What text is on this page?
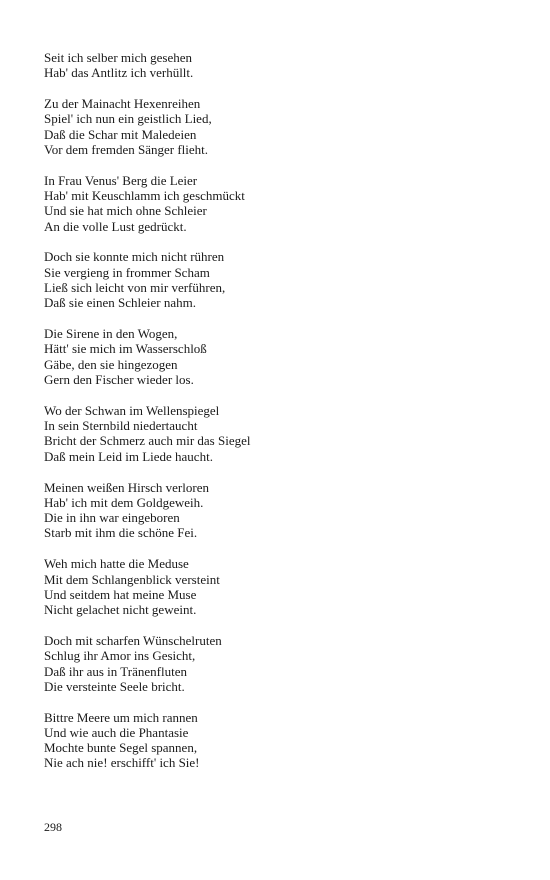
Seit ich selber mich gesehen
Hab' das Antlitz ich verhüllt.
Zu der Mainacht Hexenreihen
Spiel' ich nun ein geistlich Lied,
Daß die Schar mit Maledeien
Vor dem fremden Sänger flieht.
In Frau Venus' Berg die Leier
Hab' mit Keuschlamm ich geschmückt
Und sie hat mich ohne Schleier
An die volle Lust gedrückt.
Doch sie konnte mich nicht rühren
Sie vergieng in frommer Scham
Ließ sich leicht von mir verführen,
Daß sie einen Schleier nahm.
Die Sirene in den Wogen,
Hätt' sie mich im Wasserschloß
Gäbe, den sie hingezogen
Gern den Fischer wieder los.
Wo der Schwan im Wellenspiegel
In sein Sternbild niedertaucht
Bricht der Schmerz auch mir das Siegel
Daß mein Leid im Liede haucht.
Meinen weißen Hirsch verloren
Hab' ich mit dem Goldgeweih.
Die in ihn war eingeboren
Starb mit ihm die schöne Fei.
Weh mich hatte die Meduse
Mit dem Schlangenblick versteint
Und seitdem hat meine Muse
Nicht gelachet nicht geweint.
Doch mit scharfen Wünschelruten
Schlug ihr Amor ins Gesicht,
Daß ihr aus in Tränenfluten
Die versteinte Seele bricht.
Bittre Meere um mich rannen
Und wie auch die Phantasie
Mochte bunte Segel spannen,
Nie ach nie! erschifft' ich Sie!
298
